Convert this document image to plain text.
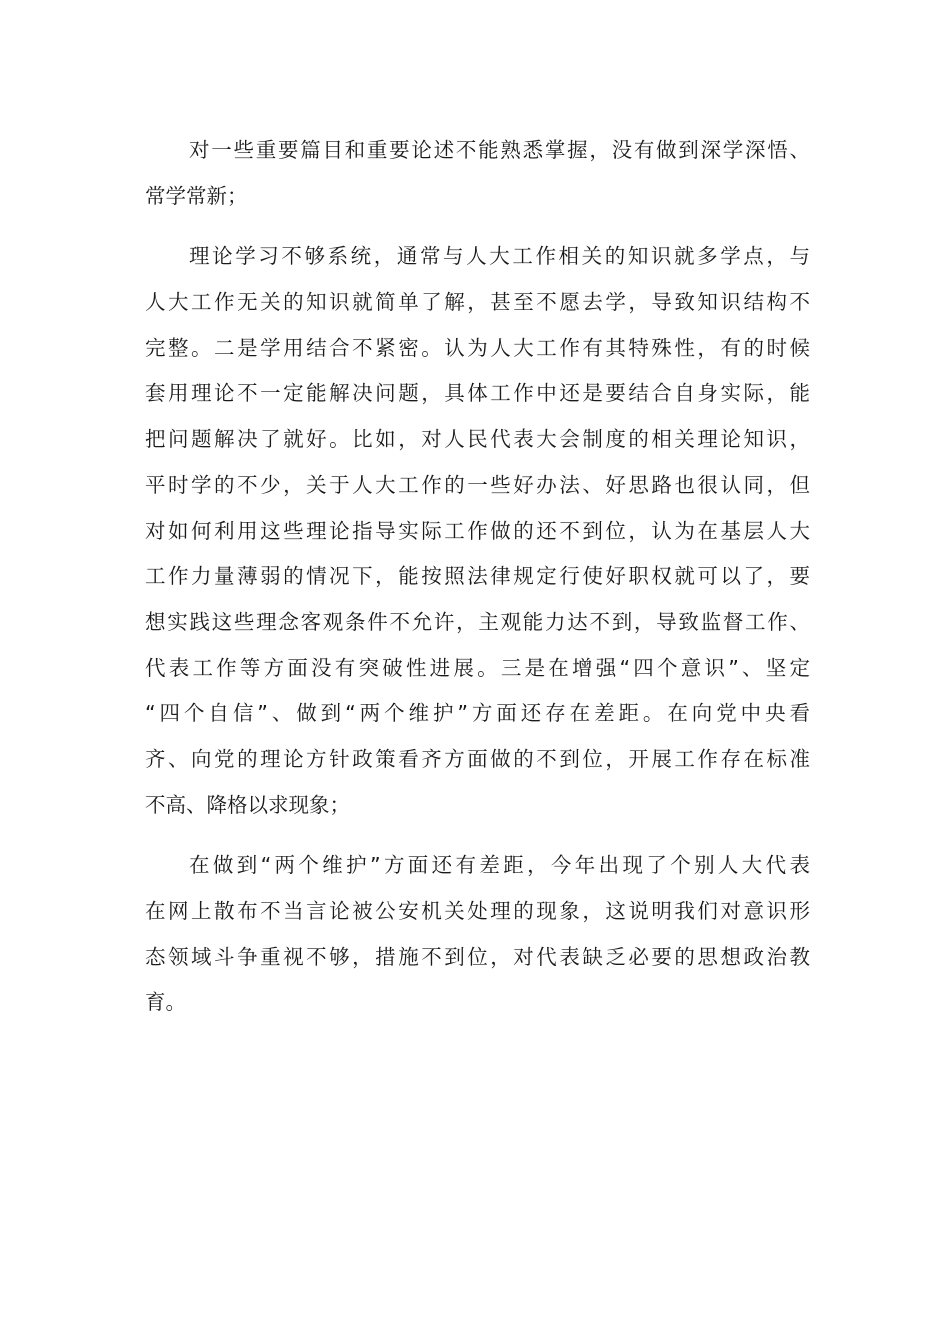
对一些重要篇目和重要论述不能熟悉掌握，没有做到深学深悟、
常学常新；
理论学习不够系统，通常与人大工作相关的知识就多学点，与
人大工作无关的知识就简单了解，甚至不愿去学，导致知识结构不
完整。二是学用结合不紧密。认为人大工作有其特殊性，有的时候
套用理论不一定能解决问题，具体工作中还是要结合自身实际，能
把问题解决了就好。比如，对人民代表大会制度的相关理论知识，
平时学的不少，关于人大工作的一些好办法、好思路也很认同，但
对如何利用这些理论指导实际工作做的还不到位，认为在基层人大
工作力量薄弱的情况下，能按照法律规定行使好职权就可以了，要
想实践这些理念客观条件不允许，主观能力达不到，导致监督工作、
代表工作等方面没有突破性进展。三是在增强“四个意识”、坚定
“四个自信”、做到“两个维护”方面还存在差距。在向党中央看
齐、向党的理论方针政策看齐方面做的不到位，开展工作存在标准
不高、降格以求现象；
在做到“两个维护”方面还有差距，今年出现了个别人大代表
在网上散布不当言论被公安机关处理的现象，这说明我们对意识形
态领域斗争重视不够，措施不到位，对代表缺乏必要的思想政治教
育。
